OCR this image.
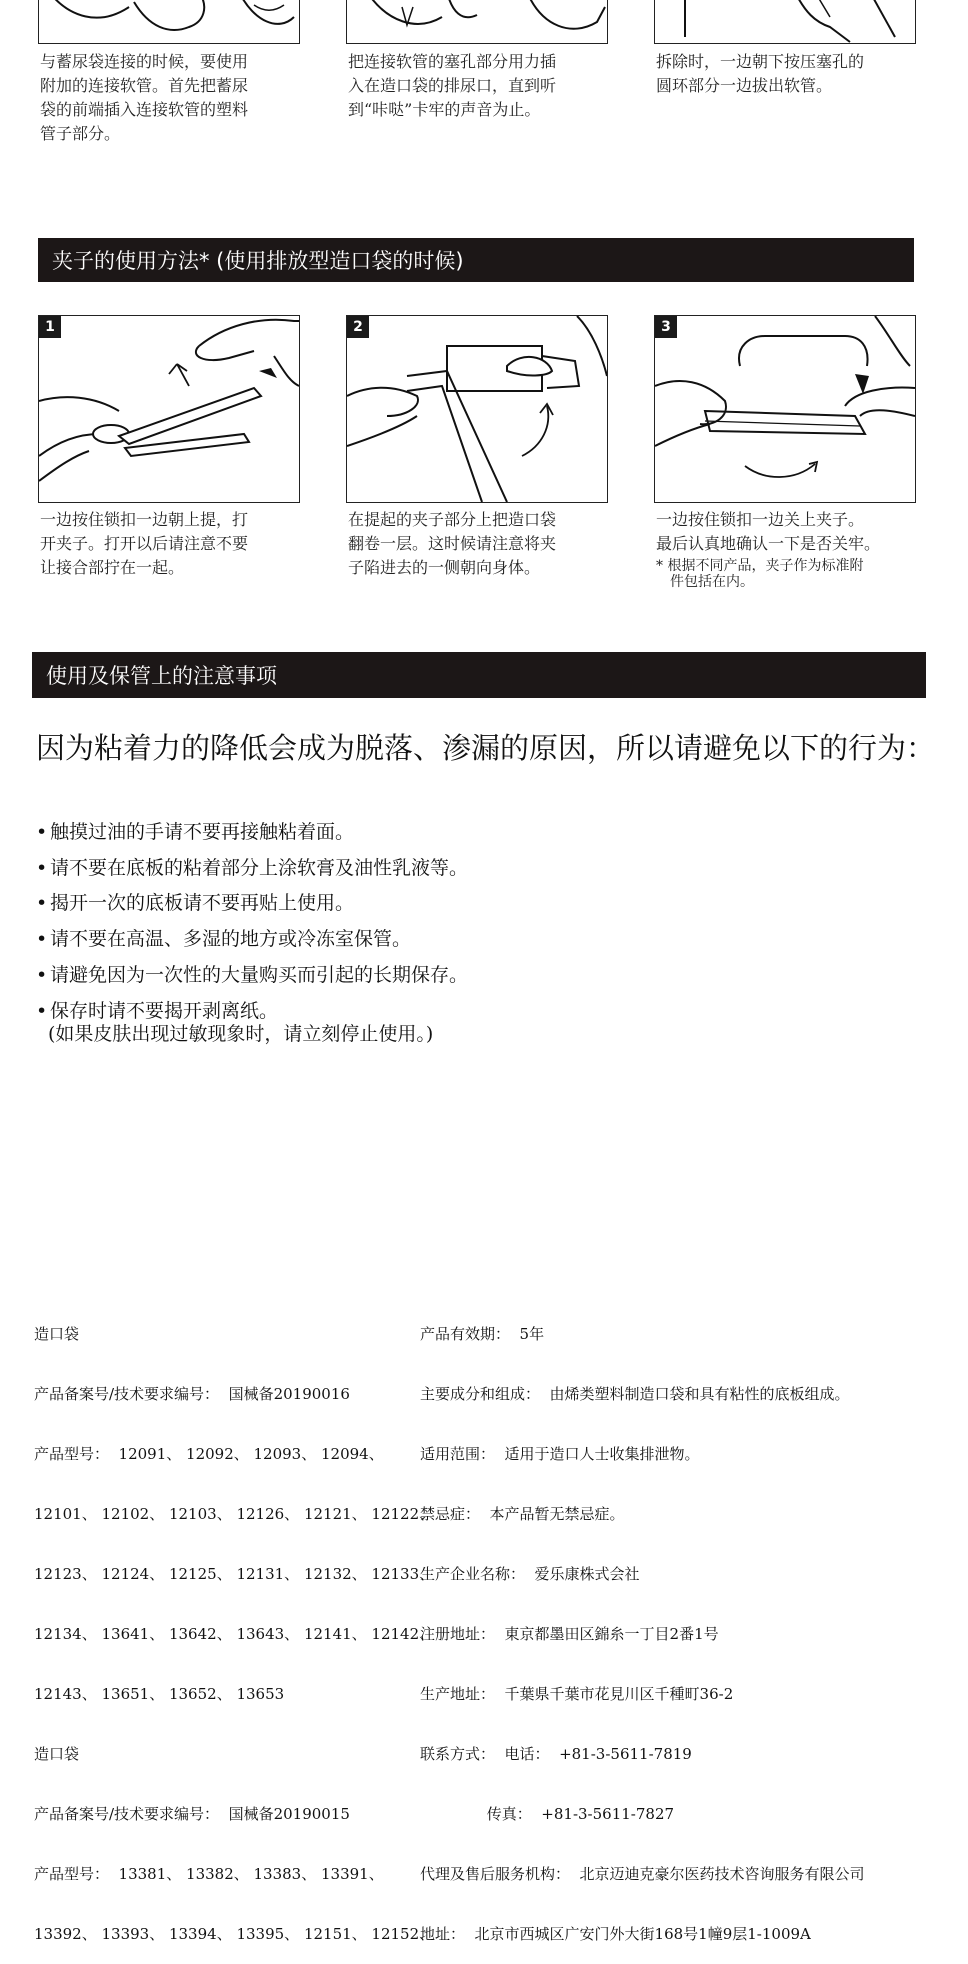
与蓄尿袋连接的时候，要使用
附加的连接软管。首先把蓄尿
袋的前端插入连接软管的塑料
管子部分。
把连接软管的塞孔部分用力插
入在造口袋的排尿口，直到听
到“咔哒”卡牢的声音为止。
拆除时，一边朝下按压塞孔的
圆环部分一边拔出软管。
夹子的使用方法* (使用排放型造口袋的时候)
1	2	3
一边按住锁扣一边朝上提，打
开夹子。打开以后请注意不要
让接合部拧在一起。
在提起的夹子部分上把造口袋
翻卷一层。这时候请注意将夹
子陷进去的一侧朝向身体。
一边按住锁扣一边关上夹子。
最后认真地确认一下是否关牢。
* 根据不同产品，夹子作为标准附
件包括在内。
使用及保管上的注意事项
因为粘着力的降低会成为脱落、渗漏的原因，所以请避免以下的行为：
• 触摸过油的手请不要再接触粘着面。
• 请不要在底板的粘着部分上涂软膏及油性乳液等。
• 揭开一次的底板请不要再贴上使用。
• 请不要在高温、多湿的地方或冷冻室保管。
• 请避免因为一次性的大量购买而引起的长期保存。
• 保存时请不要揭开剥离纸。
(如果皮肤出现过敏现象时，请立刻停止使用。)

造口袋

产品备案号/技术要求编号：  国械备20190016

产品型号：  12091、 12092、 12093、 12094、

12101、 12102、 12103、 12126、 12121、 12122、

12123、 12124、 12125、 12131、 12132、 12133、

12134、 13641、 13642、 13643、 12141、 12142、

12143、 13651、 13652、 13653

造口袋

产品备案号/技术要求编号：  国械备20190015

产品型号：  13381、 13382、 13383、 13391、

13392、 13393、 13394、 13395、 12151、 12152、

产品有效期：  5年

主要成分和组成：  由烯类塑料制造口袋和具有粘性的底板组成。

适用范围：  适用于造口人士收集排泄物。

禁忌症：  本产品暂无禁忌症。

生产企业名称：  爱乐康株式会社

注册地址：  東京都墨田区錦糸一丁目2番1号

生产地址：  千葉県千葉市花見川区千種町36-2

联系方式：  电话：  +81-3-5611-7819

传真：  +81-3-5611-7827

代理及售后服务机构：  北京迈迪克豪尔医药技术咨询服务有限公司

地址：  北京市西城区广安门外大街168号1幢9层1-1009A
